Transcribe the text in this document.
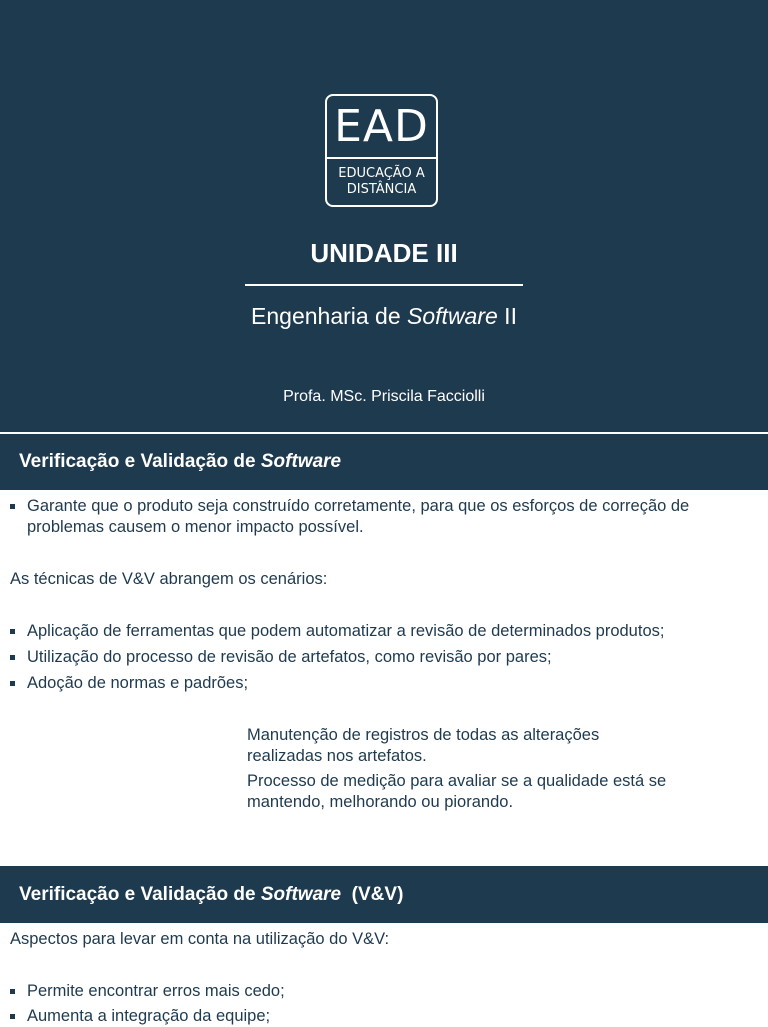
EAD
EDUCAÇÃO A
DISTÂNCIA
UNIDADE III
Engenharia de Software II
Profa. MSc. Priscila Facciolli
Verificação e Validação de Software
Garante que o produto seja construído corretamente, para que os esforços de correção de
problemas causem o menor impacto possível.
As técnicas de V&V abrangem os cenários:
Aplicação de ferramentas que podem automatizar a revisão de determinados produtos;
Utilização do processo de revisão de artefatos, como revisão por pares;
Adoção de normas e padrões;
Manutenção de registros de todas as alterações
realizadas nos artefatos.
Processo de medição para avaliar se a qualidade está se
mantendo, melhorando ou piorando.
Verificação e Validação de Software  (V&V)
Aspectos para levar em conta na utilização do V&V:
Permite encontrar erros mais cedo;
Aumenta a integração da equipe;
